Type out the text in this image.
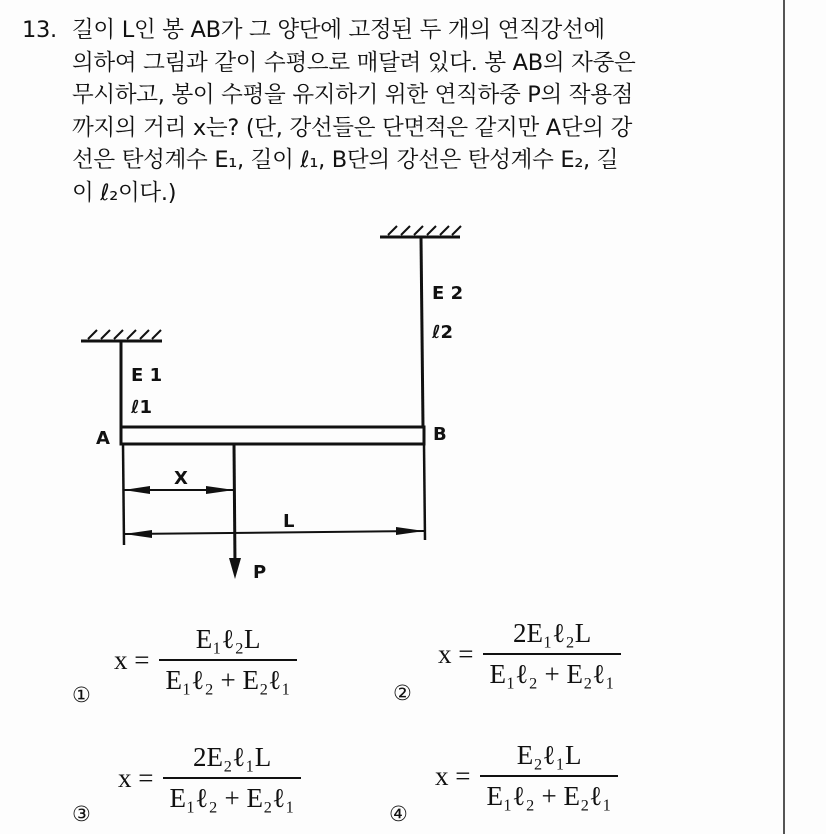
13. 길이 L인 봉 AB가 그 양단에 고정된 두 개의 연직강선에
의하여 그림과 같이 수평으로 매달려 있다. 봉 AB의 자중은
무시하고, 봉이 수평을 유지하기 위한 연직하중 P의 작용점
까지의 거리 x는? (단, 강선들은 단면적은 같지만 A단의 강
선은 탄성계수 E₁, 길이 ℓ₁, B단의 강선은 탄성계수 E₂, 길
이 ℓ₂이다.)
E 1
ℓ1
E 2
ℓ2
A	B
X
L
P
①
x =
E₁ℓ₂L
E₁ℓ₂ + E₂ℓ₁	②
x =
2E₁ℓ₂L
E₁ℓ₂ + E₂ℓ₁
③
x =
2E₂ℓ₁L
E₁ℓ₂ + E₂ℓ₁
④
x =
E₂ℓ₁L
E₁ℓ₂ + E₂ℓ₁
